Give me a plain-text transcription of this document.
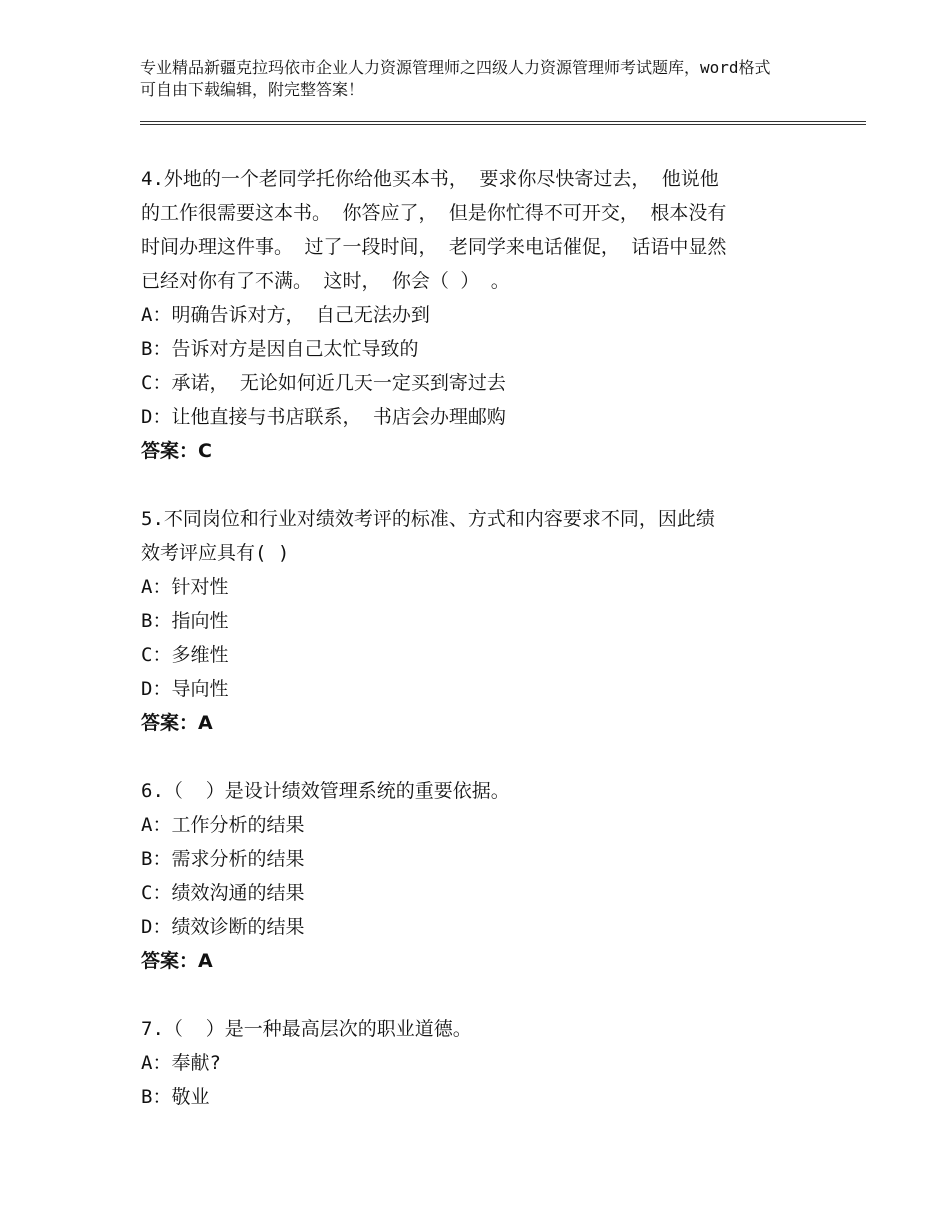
专业精品新疆克拉玛依市企业人力资源管理师之四级人力资源管理师考试题库，word格式可自由下载编辑，附完整答案！

4.外地的一个老同学托你给他买本书， 要求你尽快寄过去， 他说他

的工作很需要这本书。 你答应了， 但是你忙得不可开交， 根本没有

时间办理这件事。 过了一段时间， 老同学来电话催促， 话语中显然

已经对你有了不满。 这时， 你会（ ） 。

A：明确告诉对方， 自己无法办到

B：告诉对方是因自己太忙导致的

C：承诺， 无论如何近几天一定买到寄过去

D：让他直接与书店联系， 书店会办理邮购

答案：C

5.不同岗位和行业对绩效考评的标准、方式和内容要求不同，因此绩

效考评应具有( )

A：针对性

B：指向性

C：多维性

D：导向性

答案：A

6.（  ）是设计绩效管理系统的重要依据。

A：工作分析的结果

B：需求分析的结果

C：绩效沟通的结果

D：绩效诊断的结果

答案：A

7.（  ）是一种最高层次的职业道德。

A：奉献?

B：敬业
